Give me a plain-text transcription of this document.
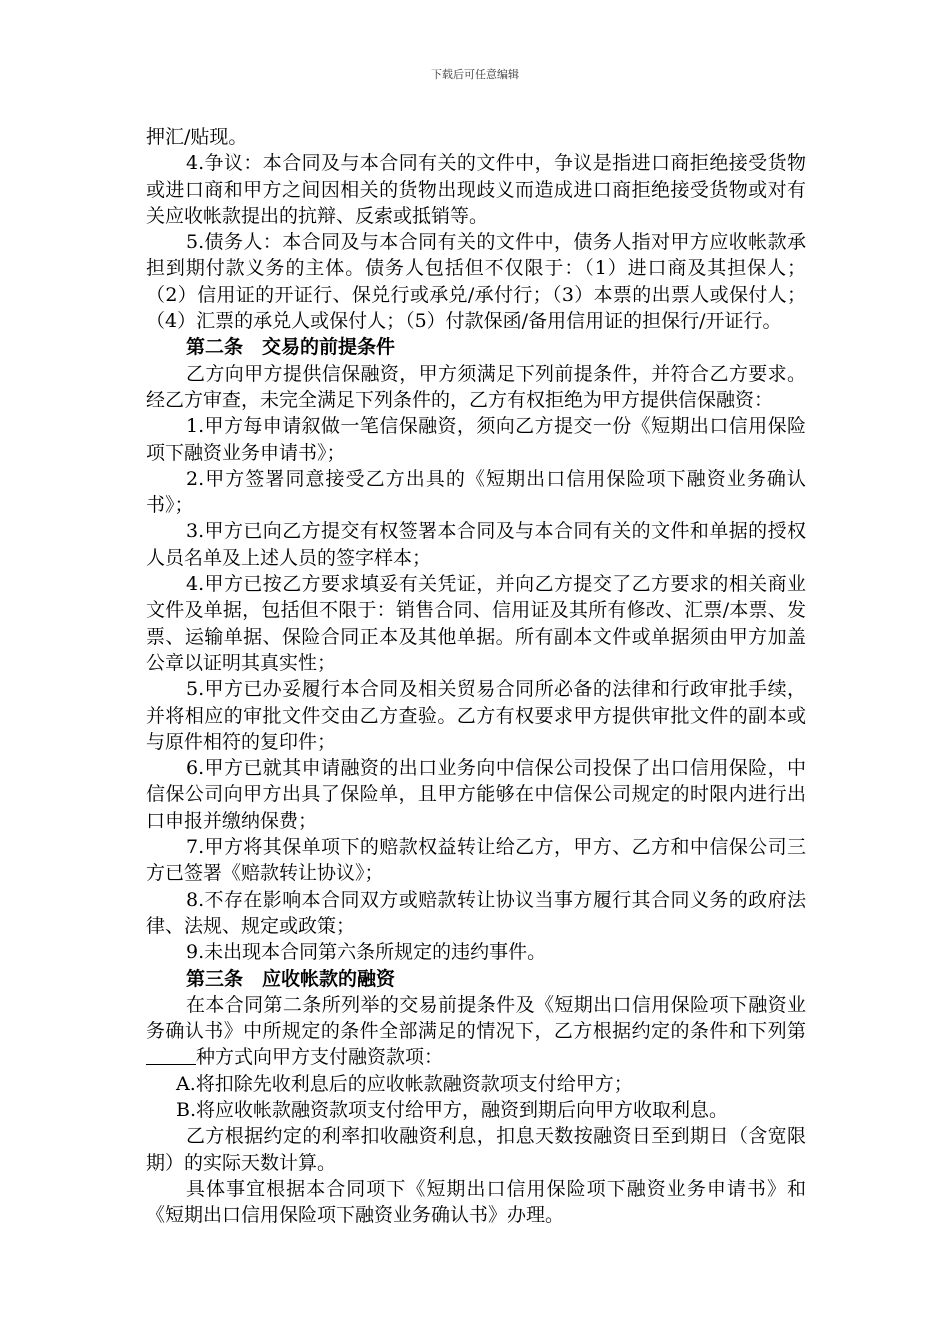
下载后可任意编辑

押汇/贴现。

4.争议：本合同及与本合同有关的文件中，争议是指进口商拒绝接受货物或进口商和甲方之间因相关的货物出现歧义而造成进口商拒绝接受货物或对有关应收帐款提出的抗辩、反索或抵销等。

5.债务人：本合同及与本合同有关的文件中，债务人指对甲方应收帐款承担到期付款义务的主体。债务人包括但不仅限于：（1）进口商及其担保人；（2）信用证的开证行、保兑行或承兑/承付行；（3）本票的出票人或保付人；（4）汇票的承兑人或保付人；（5）付款保函/备用信用证的担保行/开证行。

第二条　交易的前提条件

乙方向甲方提供信保融资，甲方须满足下列前提条件，并符合乙方要求。经乙方审查，未完全满足下列条件的，乙方有权拒绝为甲方提供信保融资：

1.甲方每申请叙做一笔信保融资，须向乙方提交一份《短期出口信用保险项下融资业务申请书》；

2.甲方签署同意接受乙方出具的《短期出口信用保险项下融资业务确认书》；

3.甲方已向乙方提交有权签署本合同及与本合同有关的文件和单据的授权人员名单及上述人员的签字样本；

4.甲方已按乙方要求填妥有关凭证，并向乙方提交了乙方要求的相关商业文件及单据，包括但不限于：销售合同、信用证及其所有修改、汇票/本票、发票、运输单据、保险合同正本及其他单据。所有副本文件或单据须由甲方加盖公章以证明其真实性；

5.甲方已办妥履行本合同及相关贸易合同所必备的法律和行政审批手续，并将相应的审批文件交由乙方查验。乙方有权要求甲方提供审批文件的副本或与原件相符的复印件；

6.甲方已就其申请融资的出口业务向中信保公司投保了出口信用保险，中信保公司向甲方出具了保险单，且甲方能够在中信保公司规定的时限内进行出口申报并缴纳保费；

7.甲方将其保单项下的赔款权益转让给乙方，甲方、乙方和中信保公司三方已签署《赔款转让协议》；

8.不存在影响本合同双方或赔款转让协议当事方履行其合同义务的政府法律、法规、规定或政策；

9.未出现本合同第六条所规定的违约事件。

第三条　应收帐款的融资

在本合同第二条所列举的交易前提条件及《短期出口信用保险项下融资业务确认书》中所规定的条件全部满足的情况下，乙方根据约定的条件和下列第种方式向甲方支付融资款项：

A.将扣除先收利息后的应收帐款融资款项支付给甲方；

B.将应收帐款融资款项支付给甲方，融资到期后向甲方收取利息。

乙方根据约定的利率扣收融资利息，扣息天数按融资日至到期日（含宽限期）的实际天数计算。

具体事宜根据本合同项下《短期出口信用保险项下融资业务申请书》和《短期出口信用保险项下融资业务确认书》办理。
